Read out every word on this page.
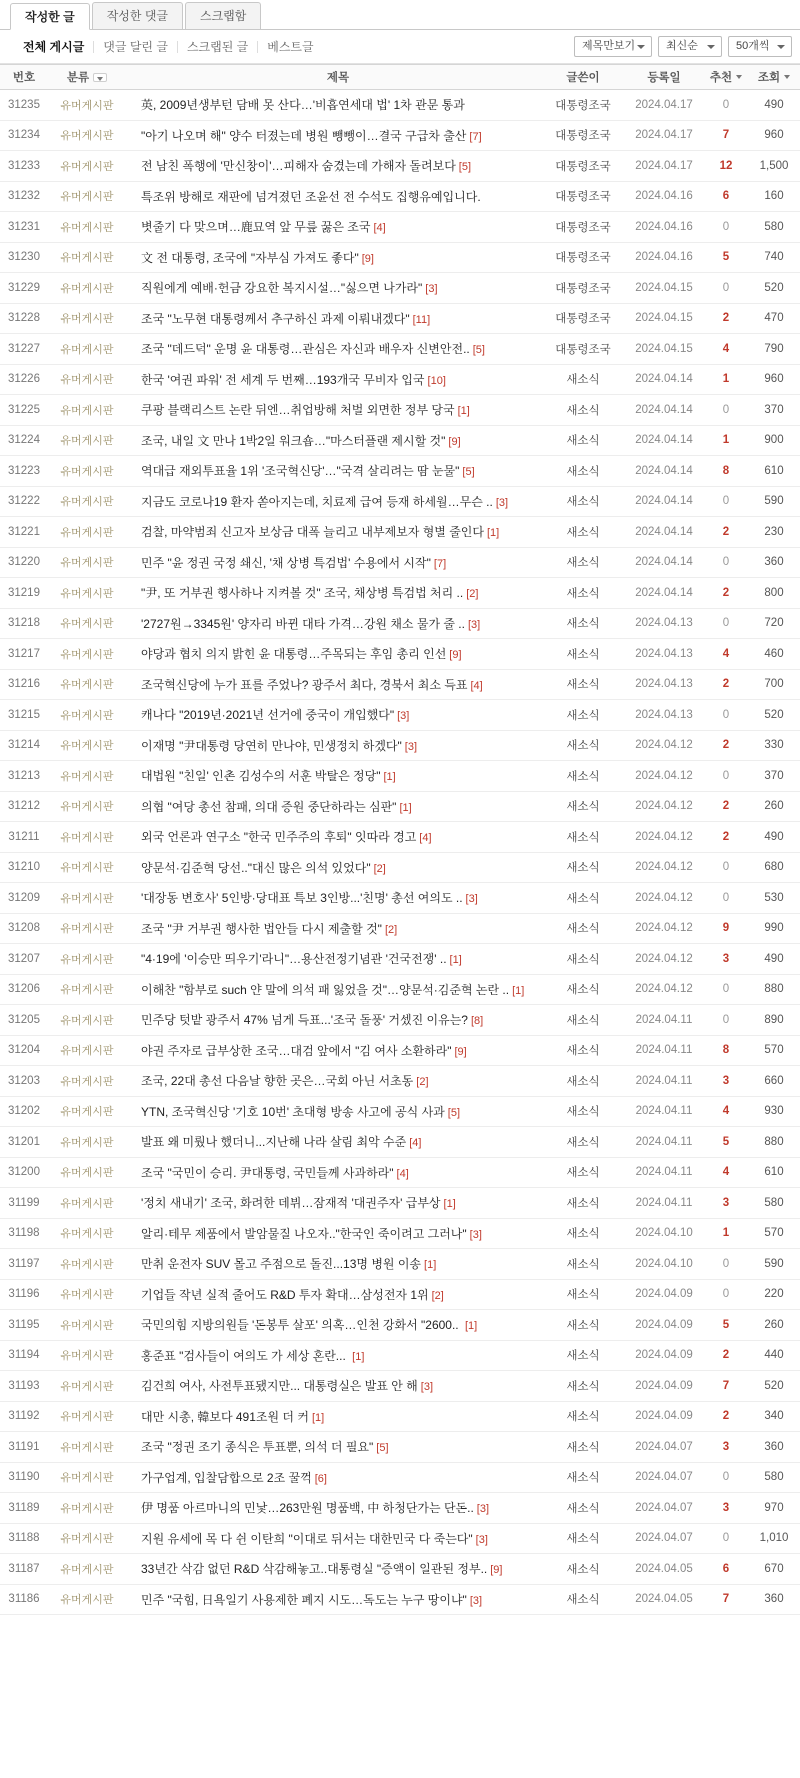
작성한 글	작성한 댓글	스크랩함
전체 게시글	댓글 달린 글	스크랩된 글	베스트글	제목만보기	최신순	50개씩
번호	분류	제목	글쓴이	등록일	추천	조회

31235	유머게시판	英, 2009년생부턴 담배 못 산다…'비흡연세대 법' 1차 관문 통과	대통령조국	2024.04.17	0	490
31234	유머게시판	"아기 나오며 해" 양수 터졌는데 병원 뺑뺑이…결국 구급차 출산 [7]	대통령조국	2024.04.17	7	960
31233	유머게시판	전 남친 폭행에 '만신창이'…피해자 숨겼는데 가해자 돌려보다 [5]	대통령조국	2024.04.17	12	1,500
31232	유머게시판	특조위 방해로 재판에 넘겨졌던 조윤선 전 수석도 집행유예입니다.	대통령조국	2024.04.16	6	160
31231	유머게시판	볏줄기 다 맞으며…鹿묘역 앞 무릎 꿇은 조국 [4]	대통령조국	2024.04.16	0	580
31230	유머게시판	文 전 대통령, 조국에 "자부심 가져도 좋다" [9]	대통령조국	2024.04.16	5	740
31229	유머게시판	직원에게 예배·헌금 강요한 복지시설…"싫으면 나가라" [3]	대통령조국	2024.04.15	0	520
31228	유머게시판	조국 "노무현 대통령께서 추구하신 과제 이뤄내겠다" [11]	대통령조국	2024.04.15	2	470
31227	유머게시판	조국 "데드덕" 운명 윤 대통령…관심은 자신과 배우자 신변안전.. [5]	대통령조국	2024.04.15	4	790
31226	유머게시판	한국 '여권 파워' 전 세계 두 번째…193개국 무비자 입국 [10]	새소식	2024.04.14	1	960
31225	유머게시판	쿠팡 블랙리스트 논란 뒤엔…취업방해 처벌 외면한 정부 당국 [1]	새소식	2024.04.14	0	370
31224	유머게시판	조국, 내일 文 만나 1박2일 워크숍…"마스터플랜 제시할 것" [9]	새소식	2024.04.14	1	900
31223	유머게시판	역대급 재외투표율 1위 '조국혁신당'…"국격 살리려는 땀 눈물" [5]	새소식	2024.04.14	8	610
31222	유머게시판	지금도 코로나19 환자 쏟아지는데, 치료제 급여 등재 하세월…무슨 .. [3]	새소식	2024.04.14	0	590
31221	유머게시판	검찰, 마약범죄 신고자 보상금 대폭 늘리고 내부제보자 형별 줄인다 [1]	새소식	2024.04.14	2	230
31220	유머게시판	민주 "윤 정권 국정 쇄신, '채 상병 특검법' 수용에서 시작" [7]	새소식	2024.04.14	0	360
31219	유머게시판	"尹, 또 거부권 행사하나 지켜볼 것" 조국, 채상병 특검법 처리 .. [2]	새소식	2024.04.14	2	800
31218	유머게시판	'2727원→3345원' 양자리 바뀐 대타 가격…강원 채소 물가 줄 .. [3]	새소식	2024.04.13	0	720
31217	유머게시판	야당과 협치 의지 밝힌 윤 대통령…주목되는 후임 총리 인선 [9]	새소식	2024.04.13	4	460
31216	유머게시판	조국혁신당에 누가 표를 주었나? 광주서 최다, 경북서 최소 득표 [4]	새소식	2024.04.13	2	700
31215	유머게시판	캐나다 "2019년·2021년 선거에 중국이 개입했다" [3]	새소식	2024.04.13	0	520
31214	유머게시판	이재명 "尹대통령 당연히 만나야, 민생정치 하겠다" [3]	새소식	2024.04.12	2	330
31213	유머게시판	대법원 "친일' 인촌 김성수의 서훈 박탈은 정당" [1]	새소식	2024.04.12	0	370
31212	유머게시판	의협 "여당 총선 참패, 의대 증원 중단하라는 심판" [1]	새소식	2024.04.12	2	260
31211	유머게시판	외국 언론과 연구소 "한국 민주주의 후퇴" 잇따라 경고 [4]	새소식	2024.04.12	2	490
31210	유머게시판	양문석·김준혁 당선.."대신 많은 의석 있었다" [2]	새소식	2024.04.12	0	680
31209	유머게시판	'대장동 변호사' 5인방·당대표 특보 3인방...'친명' 총선 여의도 .. [3]	새소식	2024.04.12	0	530
31208	유머게시판	조국 "尹 거부권 행사한 법안들 다시 제출할 것" [2]	새소식	2024.04.12	9	990
31207	유머게시판	"4·19에 '이승만 띄우기'라니"…용산전정기념관 '건국전쟁' .. [1]	새소식	2024.04.12	3	490
31206	유머게시판	이해찬 "함부로 such 얀 말에 의석 패 잃었을 것"…양문석·김준혁 논란 .. [1]	새소식	2024.04.12	0	880
31205	유머게시판	민주당 텃밭 광주서 47% 넘게 득표...'조국 돌풍' 거셌진 이유는? [8]	새소식	2024.04.11	0	890
31204	유머게시판	야권 주자로 급부상한 조국…대검 앞에서 "김 여사 소환하라" [9]	새소식	2024.04.11	8	570
31203	유머게시판	조국, 22대 총선 다음날 향한 곳은…국회 아닌 서초동 [2]	새소식	2024.04.11	3	660
31202	유머게시판	YTN, 조국혁신당 '기호 10번' 초대형 방송 사고에 공식 사과 [5]	새소식	2024.04.11	4	930
31201	유머게시판	발표 왜 미뤘나 했더니...지난해 나라 살림 최악 수준 [4]	새소식	2024.04.11	5	880
31200	유머게시판	조국 "국민이 승리. 尹대통령, 국민들께 사과하라" [4]	새소식	2024.04.11	4	610
31199	유머게시판	'정치 새내기' 조국, 화려한 데뷔…잠재적 '대권주자' 급부상 [1]	새소식	2024.04.11	3	580
31198	유머게시판	알리·테무 제품에서 발암물질 나오자.."한국인 죽이려고 그러나" [3]	새소식	2024.04.10	1	570
31197	유머게시판	만취 운전자 SUV 몰고 주점으로 돌진...13명 병원 이송 [1]	새소식	2024.04.10	0	590
31196	유머게시판	기업들 작년 실적 줄어도 R&D 투자 확대…삼성전자 1위 [2]	새소식	2024.04.09	0	220
31195	유머게시판	국민의힘 지방의원들 '돈봉투 살포' 의혹…인천 강화서 "2600.. [1]	새소식	2024.04.09	5	260
31194	유머게시판	홍준표 "검사들이 여의도 가 세상 혼란... [1]	새소식	2024.04.09	2	440
31193	유머게시판	김건희 여사, 사전투표됐지만... 대통령실은 발표 안 해 [3]	새소식	2024.04.09	7	520
31192	유머게시판	대만 시총, 韓보다 491조원 더 커 [1]	새소식	2024.04.09	2	340
31191	유머게시판	조국 "정권 조기 종식은 투표뿐, 의석 더 필요" [5]	새소식	2024.04.07	3	360
31190	유머게시판	가구업계, 입찰담합으로 2조 꿀꺽 [6]	새소식	2024.04.07	0	580
31189	유머게시판	伊 명품 아르마니의 민낯…263만원 명품백, 中 하청단가는 단돈.. [3]	새소식	2024.04.07	3	970
31188	유머게시판	지원 유세에 목 다 쉰 이탄희 "이대로 뒤서는 대한민국 다 죽는다" [3]	새소식	2024.04.07	0	1,010
31187	유머게시판	33년간 삭감 없던 R&D 삭감해놓고..대통령실 "증액이 일관된 정부.. [9]	새소식	2024.04.05	6	670
31186	유머게시판	민주 "국힘, 日욕일기 사용제한 폐지 시도…독도는 누구 땅이냐" [3]	새소식	2024.04.05	7	360
